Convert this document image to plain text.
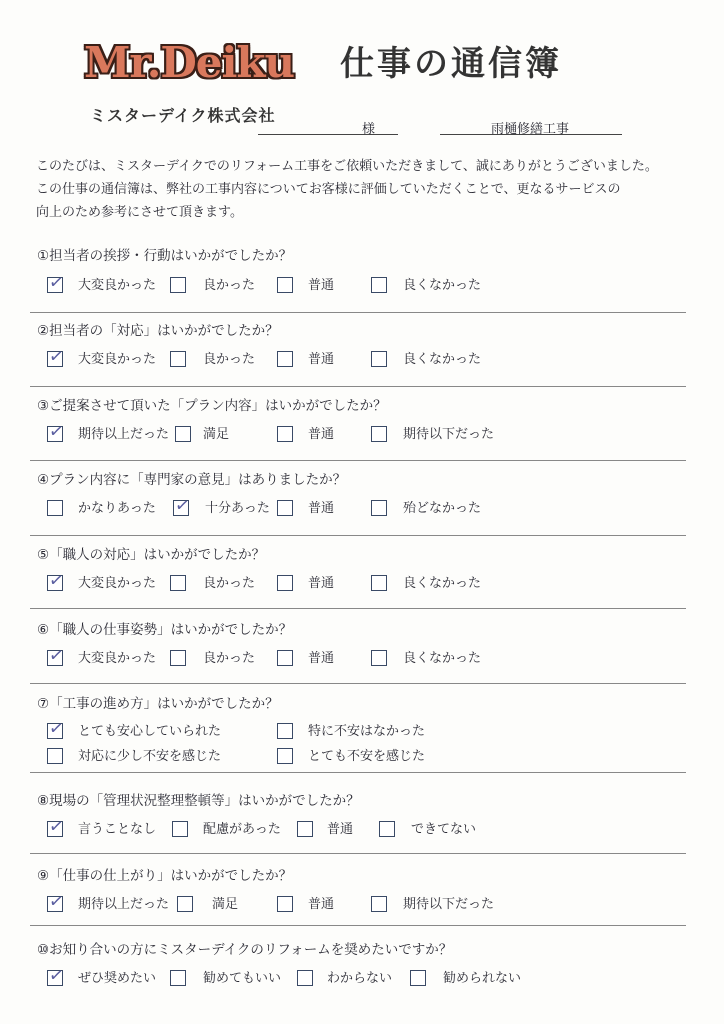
Mr.Deiku 仕事の通信簿
ミスターデイク株式会社
様	雨樋修繕工事
このたびは、ミスターデイクでのリフォーム工事をご依頼いただきまして、誠にありがとうございました。
この仕事の通信簿は、弊社の工事内容についてお客様に評価していただくことで、更なるサービスの
向上のため参考にさせて頂きます。
①担当者の挨拶・行動はいかがでしたか？
✓ 大変良かった	良かった	普通	良くなかった
②担当者の「対応」はいかがでしたか？
✓ 大変良かった	良かった	普通	良くなかった
③ご提案させて頂いた「プラン内容」はいかがでしたか？
✓ 期待以上だった	満足	普通	期待以下だった
④プラン内容に「専門家の意見」はありましたか？
かなりあった ✓ 十分あった	普通	殆どなかった
⑤「職人の対応」はいかがでしたか？
✓ 大変良かった	良かった	普通	良くなかった
⑥「職人の仕事姿勢」はいかがでしたか？
✓ 大変良かった	良かった	普通	良くなかった
⑦「工事の進め方」はいかがでしたか？
✓ とても安心していられた	特に不安はなかった
対応に少し不安を感じた	とても不安を感じた
⑧現場の「管理状況整理整頓等」はいかがでしたか？
✓ 言うことなし	配慮があった	普通	できてない
⑨「仕事の仕上がり」はいかがでしたか？
✓ 期待以上だった	満足	普通	期待以下だった
⑩お知り合いの方にミスターデイクのリフォームを奨めたいですか？
✓ ぜひ奨めたい	勧めてもいい	わからない	勧められない
